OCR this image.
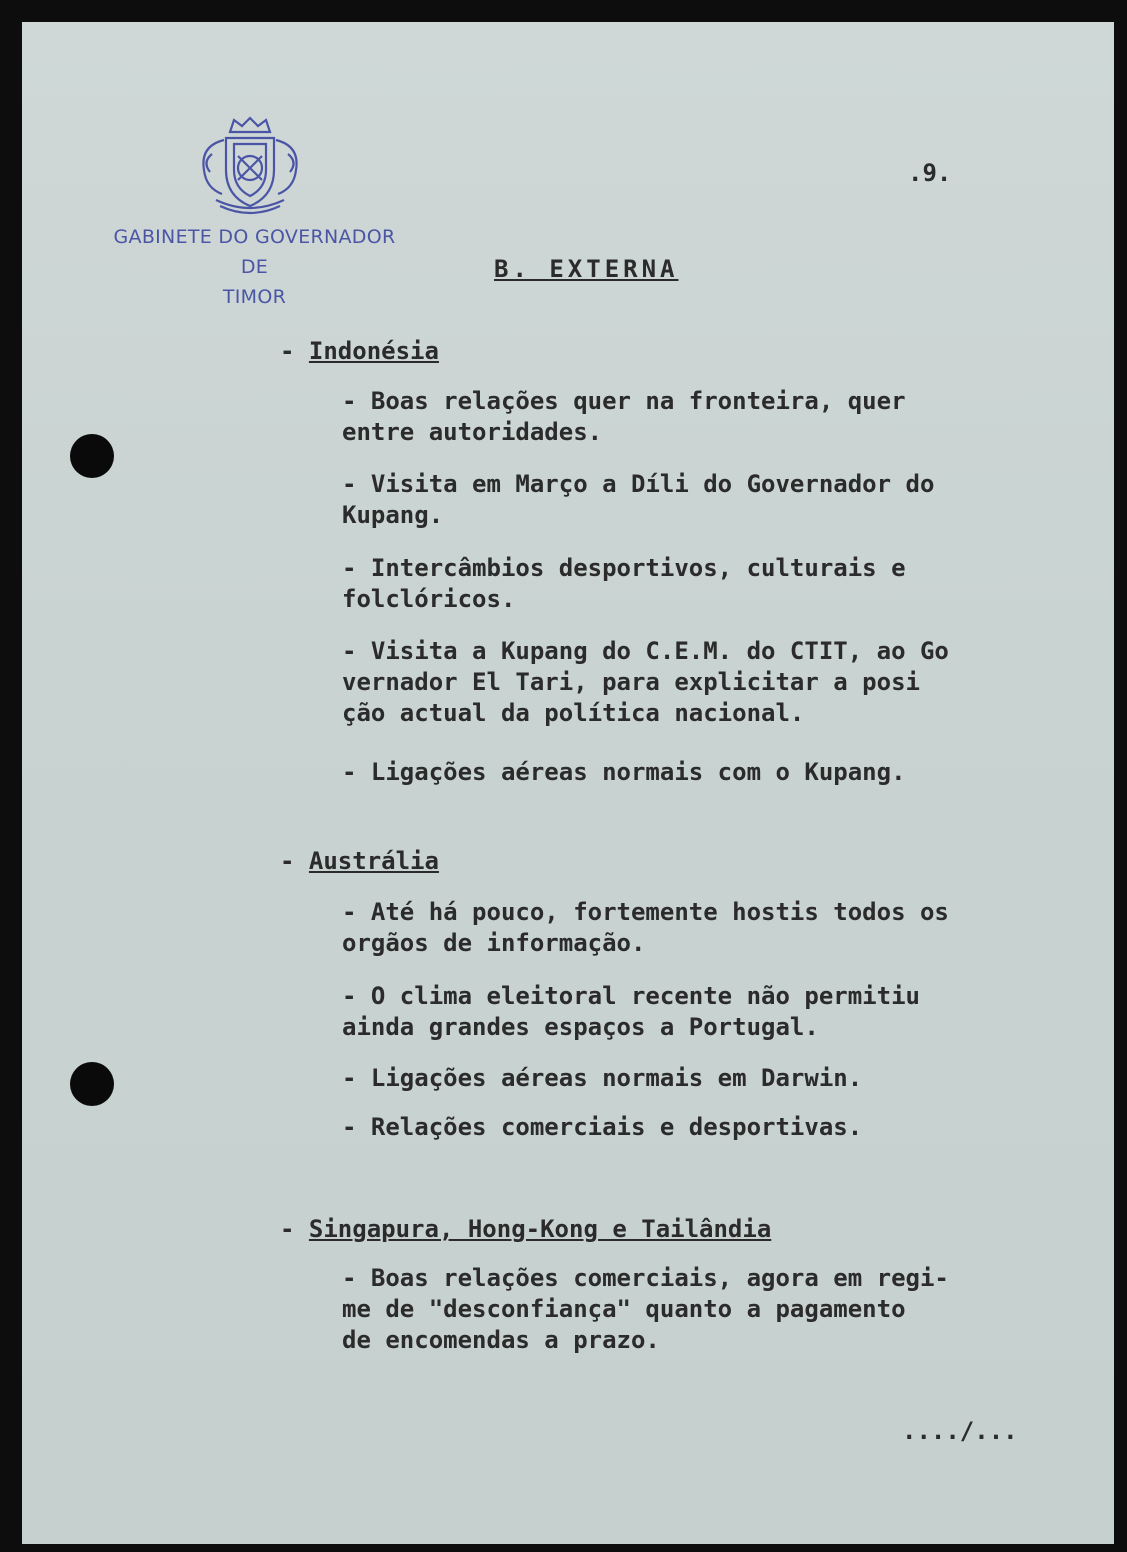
GABINETE DO GOVERNADOR
DE
TIMOR
.9.
B. EXTERNA
- Indonésia
- Boas relações quer na fronteira, quer
entre autoridades.
- Visita em Março a Díli do Governador do
Kupang.
- Intercâmbios desportivos, culturais e
folclóricos.
- Visita a Kupang do C.E.M. do CTIT, ao Go
vernador El Tari, para explicitar a posi
ção actual da política nacional.
- Ligações aéreas normais com o Kupang.
- Austrália
- Até há pouco, fortemente hostis todos os
orgãos de informação.
- O clima eleitoral recente não permitiu
ainda grandes espaços a Portugal.
- Ligações aéreas normais em Darwin.
- Relações comerciais e desportivas.
- Singapura, Hong-Kong e Tailândia
- Boas relações comerciais, agora em regi-
me de "desconfiança" quanto a pagamento
de encomendas a prazo.
..../...
